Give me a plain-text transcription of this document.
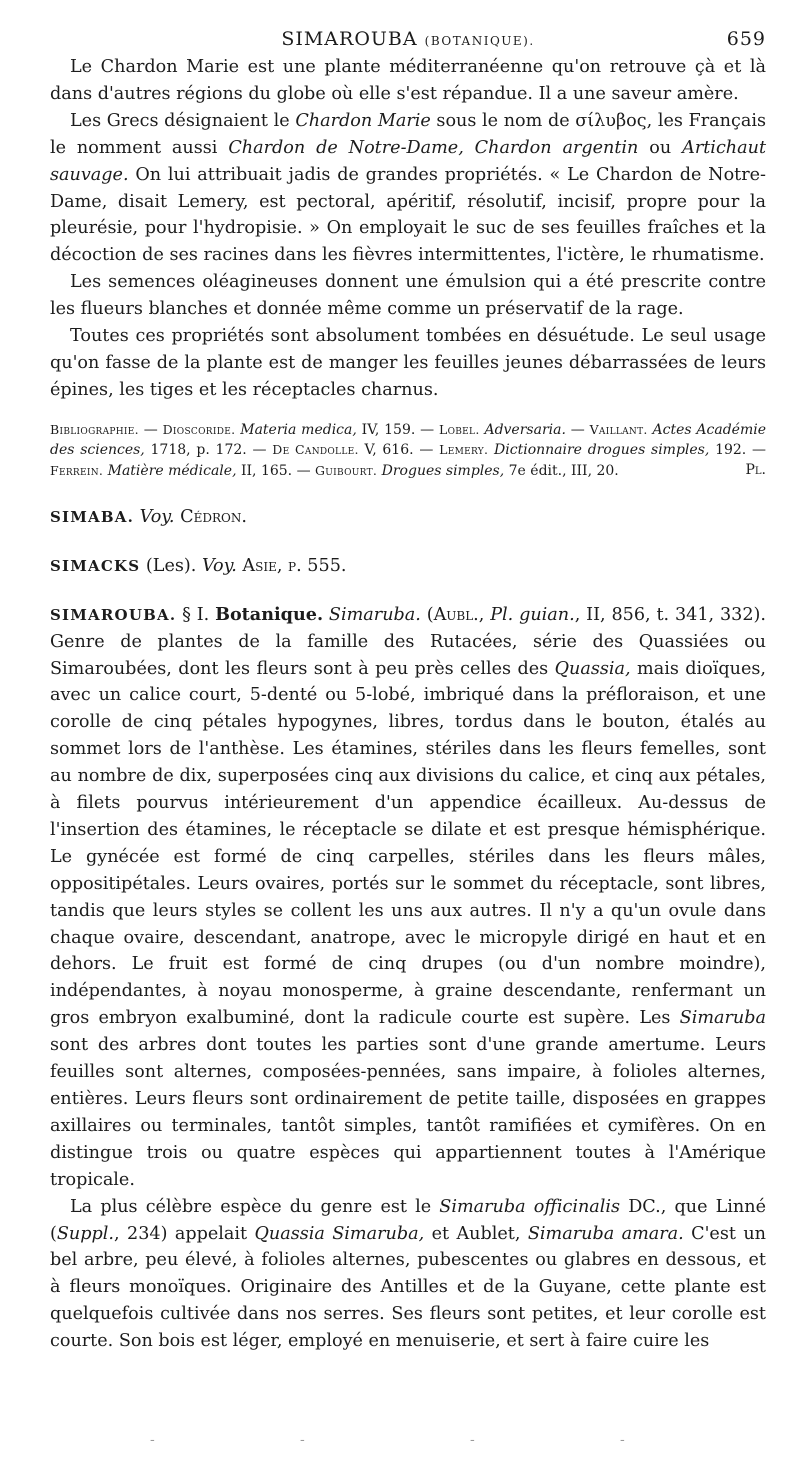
SIMAROUBA (BOTANIQUE).	659

Le Chardon Marie est une plante méditerranéenne qu'on retrouve çà et là dans d'autres régions du globe où elle s'est répandue. Il a une saveur amère.

Les Grecs désignaient le Chardon Marie sous le nom de σίλυβος, les Français le nomment aussi Chardon de Notre-Dame, Chardon argentin ou Artichaut sauvage. On lui attribuait jadis de grandes propriétés. « Le Chardon de Notre-Dame, disait Lemery, est pectoral, apéritif, résolutif, incisif, propre pour la pleurésie, pour l'hydropisie. » On employait le suc de ses feuilles fraîches et la décoction de ses racines dans les fièvres intermittentes, l'ictère, le rhumatisme.

Les semences oléagineuses donnent une émulsion qui a été prescrite contre les flueurs blanches et donnée même comme un préservatif de la rage.

Toutes ces propriétés sont absolument tombées en désuétude. Le seul usage qu'on fasse de la plante est de manger les feuilles jeunes débarrassées de leurs épines, les tiges et les réceptacles charnus.

Bibliographie. — Dioscoride. Materia medica, IV, 159. — Lobel. Adversaria. — Vaillant. Actes Académie des sciences, 1718, p. 172. — De Candolle. V, 616. — Lemery. Dictionnaire drogues simples, 192. — Ferrein. Matière médicale, II, 165. — Guibourt. Drogues simples, 7e édit., III, 20.	Pl.
SIMABA. Voy. Cédron.
SIMACKS (Les). Voy. Asie, p. 555.

SIMAROUBA. § I. Botanique. Simaruba. (Aubl., Pl. guian., II, 856, t. 341, 332). Genre de plantes de la famille des Rutacées, série des Quassiées ou Simaroubées, dont les fleurs sont à peu près celles des Quassia, mais dioïques, avec un calice court, 5-denté ou 5-lobé, imbriqué dans la préfloraison, et une corolle de cinq pétales hypogynes, libres, tordus dans le bouton, étalés au sommet lors de l'anthèse. Les étamines, stériles dans les fleurs femelles, sont au nombre de dix, superposées cinq aux divisions du calice, et cinq aux pétales, à filets pourvus intérieurement d'un appendice écailleux. Au-dessus de l'insertion des étamines, le réceptacle se dilate et est presque hémisphérique. Le gynécée est formé de cinq carpelles, stériles dans les fleurs mâles, oppositipétales. Leurs ovaires, portés sur le sommet du réceptacle, sont libres, tandis que leurs styles se collent les uns aux autres. Il n'y a qu'un ovule dans chaque ovaire, descendant, anatrope, avec le micropyle dirigé en haut et en dehors. Le fruit est formé de cinq drupes (ou d'un nombre moindre), indépendantes, à noyau monosperme, à graine descendante, renfermant un gros embryon exalbuminé, dont la radicule courte est supère. Les Simaruba sont des arbres dont toutes les parties sont d'une grande amertume. Leurs feuilles sont alternes, composées-pennées, sans impaire, à folioles alternes, entières. Leurs fleurs sont ordinairement de petite taille, disposées en grappes axillaires ou terminales, tantôt simples, tantôt ramifiées et cymifères. On en distingue trois ou quatre espèces qui appartiennent toutes à l'Amérique tropicale.

La plus célèbre espèce du genre est le Simaruba officinalis DC., que Linné (Suppl., 234) appelait Quassia Simaruba, et Aublet, Simaruba amara. C'est un bel arbre, peu élevé, à folioles alternes, pubescentes ou glabres en dessous, et à fleurs monoïques. Originaire des Antilles et de la Guyane, cette plante est quelquefois cultivée dans nos serres. Ses fleurs sont petites, et leur corolle est courte. Son bois est léger, employé en menuiserie, et sert à faire cuire les

-	-	-	-
